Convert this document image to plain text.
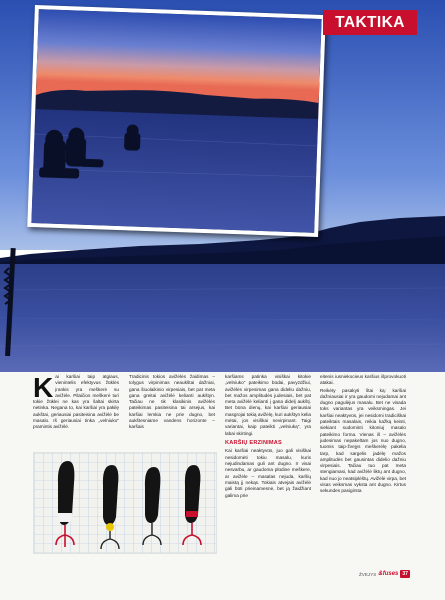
TAKTIKA

Kai karšiai taip atgiaus, vienintelis efektyvus žūklės įrankis yra meškerė su avižėle. Pilaičios meškerė turi tokie žūklei ne kas yra šaltai skirta netinka. Negana to, kai karšiai yra pakilę aukštai, geriausiai pasiteisina avižėlė be masalo. Iš geriausiai tinka „velniuko" pramintis avižėlė.

Tradicinis tokios avižėlės žaidimas – tolygus virpinimas neaukštai dažniai, gana šiuolaikinio virpesiais, bet pat meta gana greitai avižėlė kelianti aukštyn. Tačiau ne tik klasikinis avižėlės pateikimas pasiteisina tai arsejus, kai karšiai lemkia ne prie dugno, bet aukštesniame vandens horizonte – karšais

karšiams patinka visiškai kitokie „velniuko" pateikimo būdai, pavyzdžiui, avižėlės virpesimas gana dideliu dažniu, bet mažos amplitudės judesiais, bet pat meta avižėlė kelianti į gana didelį aukštį. Bet būna dienų, kai karšiai geriausiai masgrojai tokią avižėlę, kuri aukštyn kelia mėtai, jos visiškai nevirpinant. Taigi variantai, kaip pateikti „velniuką", yra labai skirtingi.

KARŠIŲ ERZINIMAS

Kai karšiai neaktyvūs, juo gali visiškai nesidomėti tokiu masalu, kuris nejudindamas guli ant dugno. Ir visai nesvarbu, ar gaudoma plūdine meškere, ar avižėle – masalas nejuda, karšių maistą jį nekąs. Tokiais atvejais avižėlė gali būti prieinamesnė, bet ją žaidžiant galima prie

eitenis iusniekocieus karšius išprovokuoti atakai.

Reikėty pasakyti štai ką: karšiai dažniausiai ir yra gaudomi nejudamai ant dugno pagulėjus masalu. Bet ne visada toks variantas yra veiksmingas. Jei karšiai neaktyvūs, jei nesidomi tradiciškai pateiktais masalais, reikia kažką keisti, siekiant sudominti kitoniuj masalo pateikimo forma. Vienas iš – avižėlės judesimas nepakeltam jos nuo dugno, tuomis taip-žvejys meškerėlę pakelia tarp, kad sargelis jadėlę mažos amplitudės bet gausintas didelio dažniu virpesiais. Tačiau tuo pat meta stengiamasi, kad avižėlė liktų ant dugno, kad nuo jo neatsiplėštų. Avižėlė virpa, bet visas veiksmas vyksta ant dugno. Kirtus sekundes pasigirsta

ŽVEJYS &fuses 37
